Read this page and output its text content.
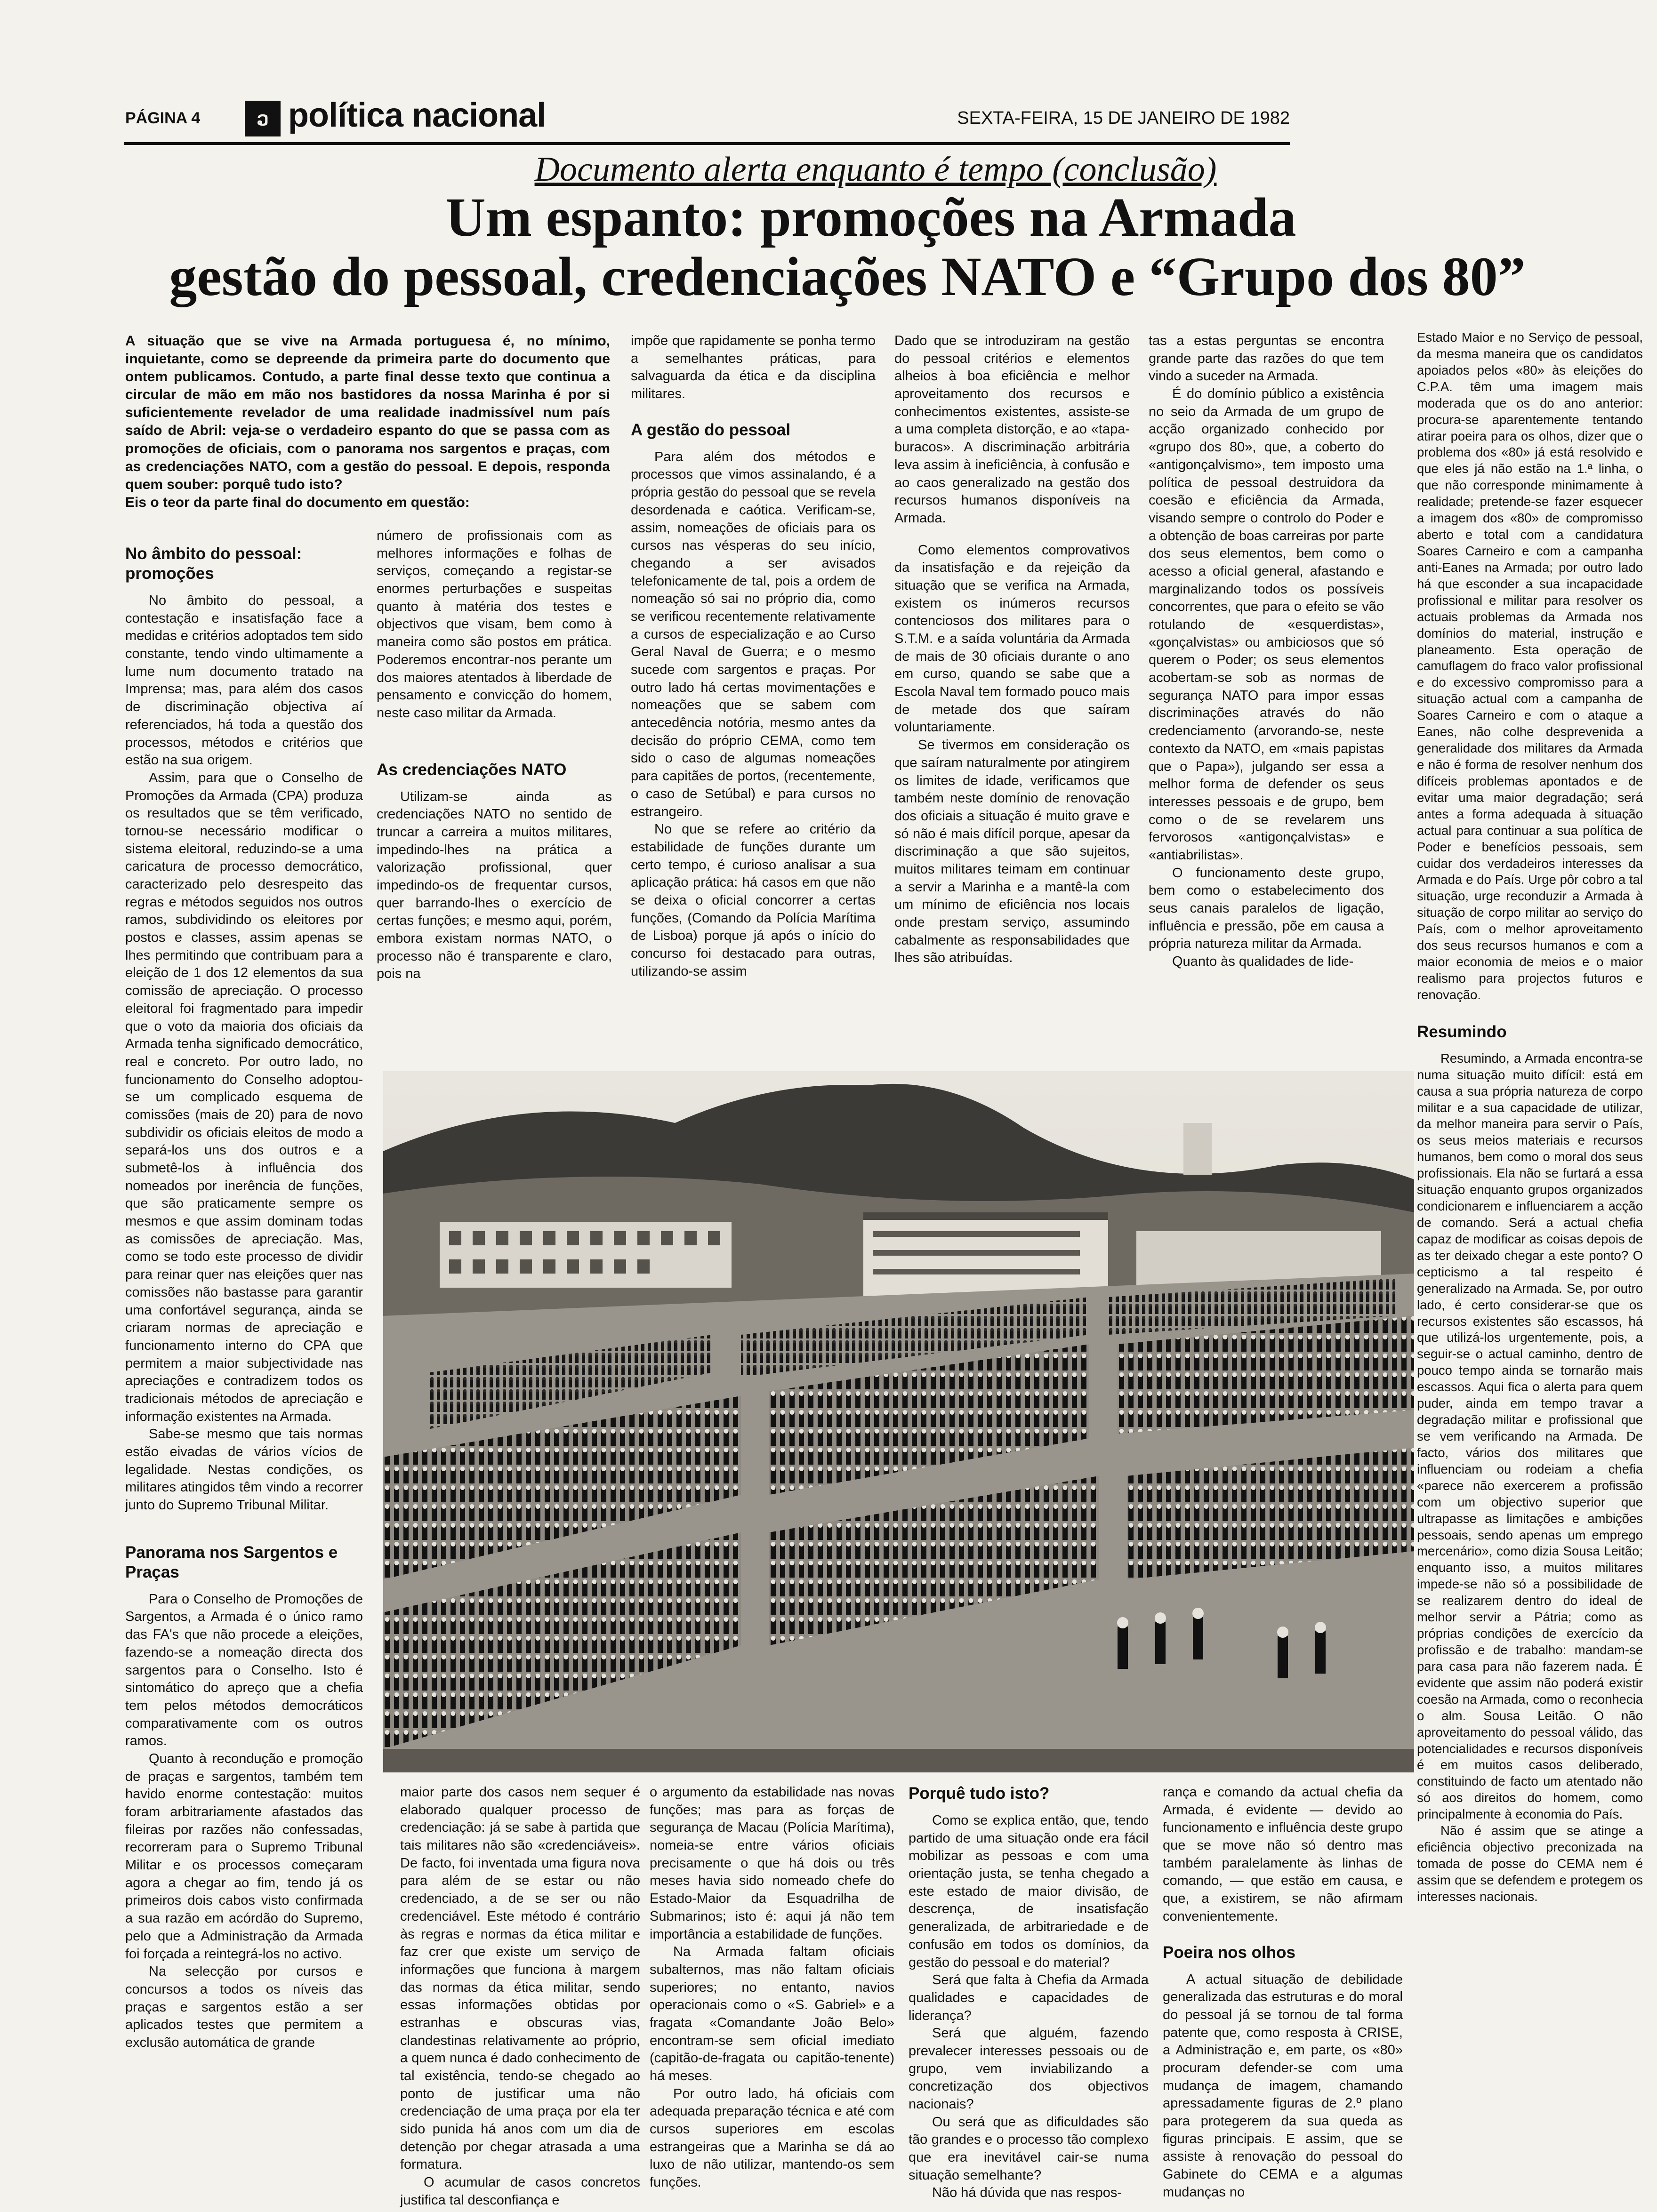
PÁGINA 4	ວ política nacional	SEXTA-FEIRA, 15 DE JANEIRO DE 1982
Documento alerta enquanto é tempo (conclusão)
Um espanto: promoções na Armada
gestão do pessoal, credenciações NATO e “Grupo dos 80”

A situação que se vive na Armada portuguesa é, no mínimo, inquietante, como se depreende da primeira parte do documento que ontem publicamos. Contudo, a parte final desse texto que continua a circular de mão em mão nos bastidores da nossa Marinha é por si suficientemente revelador de uma realidade inadmissível num país saído de Abril: veja-se o verdadeiro espanto do que se passa com as promoções de oficiais, com o panorama nos sargentos e praças, com as credenciações NATO, com a gestão do pessoal. E depois, responda quem souber: porquê tudo isto?

Eis o teor da parte final do documento em questão:

No âmbito do pessoal: promoções

No âmbito do pessoal, a contestação e insatisfação face a medidas e critérios adoptados tem sido constante, tendo vindo ultimamente a lume num documento tratado na Imprensa; mas, para além dos casos de discriminação objectiva aí referenciados, há toda a questão dos processos, métodos e critérios que estão na sua origem.

Assim, para que o Conselho de Promoções da Armada (CPA) produza os resultados que se têm verificado, tornou-se necessário modificar o sistema eleitoral, reduzindo-se a uma caricatura de processo democrático, caracterizado pelo desrespeito das regras e métodos seguidos nos outros ramos, subdividindo os eleitores por postos e classes, assim apenas se lhes permitindo que contribuam para a eleição de 1 dos 12 elementos da sua comissão de apreciação. O processo eleitoral foi fragmentado para impedir que o voto da maioria dos oficiais da Armada tenha significado democrático, real e concreto. Por outro lado, no funcionamento do Conselho adoptou-se um complicado esquema de comissões (mais de 20) para de novo subdividir os oficiais eleitos de modo a separá-los uns dos outros e a submetê-los à influência dos nomeados por inerência de funções, que são praticamente sempre os mesmos e que assim dominam todas as comissões de apreciação. Mas, como se todo este processo de dividir para reinar quer nas eleições quer nas comissões não bastasse para garantir uma confortável segurança, ainda se criaram normas de apreciação e funcionamento interno do CPA que permitem a maior subjectividade nas apreciações e contradizem todos os tradicionais métodos de apreciação e informação existentes na Armada.

Sabe-se mesmo que tais normas estão eivadas de vários vícios de legalidade. Nestas condições, os militares atingidos têm vindo a recorrer junto do Supremo Tribunal Militar.

Panorama nos Sargentos e Praças

Para o Conselho de Promoções de Sargentos, a Armada é o único ramo das FA's que não procede a eleições, fazendo-se a nomeação directa dos sargentos para o Conselho. Isto é sintomático do apreço que a chefia tem pelos métodos democráticos comparativamente com os outros ramos.

Quanto à recondução e promoção de praças e sargentos, também tem havido enorme contestação: muitos foram arbitrariamente afastados das fileiras por razões não confessadas, recorreram para o Supremo Tribunal Militar e os processos começaram agora a chegar ao fim, tendo já os primeiros dois cabos visto confirmada a sua razão em acórdão do Supremo, pelo que a Administração da Armada foi forçada a reintegrá-los no activo.

Na selecção por cursos e concursos a todos os níveis das praças e sargentos estão a ser aplicados testes que permitem a exclusão automática de grande

número de profissionais com as melhores informações e folhas de serviços, começando a registar-se enormes perturbações e suspeitas quanto à matéria dos testes e objectivos que visam, bem como à maneira como são postos em prática. Poderemos encontrar-nos perante um dos maiores atentados à liberdade de pensamento e convicção do homem, neste caso militar da Armada.

As credenciações NATO

Utilizam-se ainda as credenciações NATO no sentido de truncar a carreira a muitos militares, impedindo-lhes na prática a valorização profissional, quer impedindo-os de frequentar cursos, quer barrando-lhes o exercício de certas funções; e mesmo aqui, porém, embora existam normas NATO, o processo não é transparente e claro, pois na

impõe que rapidamente se ponha termo a semelhantes práticas, para salvaguarda da ética e da disciplina militares.

A gestão do pessoal

Para além dos métodos e processos que vimos assinalando, é a própria gestão do pessoal que se revela desordenada e caótica. Verificam-se, assim, nomeações de oficiais para os cursos nas vésperas do seu início, chegando a ser avisados telefonicamente de tal, pois a ordem de nomeação só sai no próprio dia, como se verificou recentemente relativamente a cursos de especialização e ao Curso Geral Naval de Guerra; e o mesmo sucede com sargentos e praças. Por outro lado há certas movimentações e nomeações que se sabem com antecedência notória, mesmo antes da decisão do próprio CEMA, como tem sido o caso de algumas nomeações para capitães de portos, (recentemente, o caso de Setúbal) e para cursos no estrangeiro.

No que se refere ao critério da estabilidade de funções durante um certo tempo, é curioso analisar a sua aplicação prática: há casos em que não se deixa o oficial concorrer a certas funções, (Comando da Polícia Marítima de Lisboa) porque já após o início do concurso foi destacado para outras, utilizando-se assim

Dado que se introduziram na gestão do pessoal critérios e elementos alheios à boa eficiência e melhor aproveitamento dos recursos e conhecimentos existentes, assiste-se a uma completa distorção, e ao «tapa-buracos». A discriminação arbitrária leva assim à ineficiência, à confusão e ao caos generalizado na gestão dos recursos humanos disponíveis na Armada.

Como elementos comprovativos da insatisfação e da rejeição da situação que se verifica na Armada, existem os inúmeros recursos contenciosos dos militares para o S.T.M. e a saída voluntária da Armada de mais de 30 oficiais durante o ano em curso, quando se sabe que a Escola Naval tem formado pouco mais de metade dos que saíram voluntariamente.

Se tivermos em consideração os que saíram naturalmente por atingirem os limites de idade, verificamos que também neste domínio de renovação dos oficiais a situação é muito grave e só não é mais difícil porque, apesar da discriminação a que são sujeitos, muitos militares teimam em continuar a servir a Marinha e a mantê-la com um mínimo de eficiência nos locais onde prestam serviço, assumindo cabalmente as responsabilidades que lhes são atribuídas.

tas a estas perguntas se encontra grande parte das razões do que tem vindo a suceder na Armada.

É do domínio público a existência no seio da Armada de um grupo de acção organizado conhecido por «grupo dos 80», que, a coberto do «antigonçalvismo», tem imposto uma política de pessoal destruidora da coesão e eficiência da Armada, visando sempre o controlo do Poder e a obtenção de boas carreiras por parte dos seus elementos, bem como o acesso a oficial general, afastando e marginalizando todos os possíveis concorrentes, que para o efeito se vão rotulando de «esquerdistas», «gonçalvistas» ou ambiciosos que só querem o Poder; os seus elementos acobertam-se sob as normas de segurança NATO para impor essas discriminações através do não credenciamento (arvorando-se, neste contexto da NATO, em «mais papistas que o Papa»), julgando ser essa a melhor forma de defender os seus interesses pessoais e de grupo, bem como o de se revelarem uns fervorosos «antigonçalvistas» e «antiabrilistas».

O funcionamento deste grupo, bem como o estabelecimento dos seus canais paralelos de ligação, influência e pressão, põe em causa a própria natureza militar da Armada.

Quanto às qualidades de lide-

Estado Maior e no Serviço de pessoal, da mesma maneira que os candidatos apoiados pelos «80» às eleições do C.P.A. têm uma imagem mais moderada que os do ano anterior: procura-se aparentemente tentando atirar poeira para os olhos, dizer que o problema dos «80» já está resolvido e que eles já não estão na 1.ª linha, o que não corresponde minimamente à realidade; pretende-se fazer esquecer a imagem dos «80» de compromisso aberto e total com a candidatura Soares Carneiro e com a campanha anti-Eanes na Armada; por outro lado há que esconder a sua incapacidade profissional e militar para resolver os actuais problemas da Armada nos domínios do material, instrução e planeamento. Esta operação de camuflagem do fraco valor profissional e do excessivo compromisso para a situação actual com a campanha de Soares Carneiro e com o ataque a Eanes, não colhe desprevenida a generalidade dos militares da Armada e não é forma de resolver nenhum dos difíceis problemas apontados e de evitar uma maior degradação; será antes a forma adequada à situação actual para continuar a sua política de Poder e benefícios pessoais, sem cuidar dos verdadeiros interesses da Armada e do País. Urge pôr cobro a tal situação, urge reconduzir a Armada à situação de corpo militar ao serviço do País, com o melhor aproveitamento dos seus recursos humanos e com a maior economia de meios e o maior realismo para projectos futuros e renovação.

Resumindo

Resumindo, a Armada encontra-se numa situação muito difícil: está em causa a sua própria natureza de corpo militar e a sua capacidade de utilizar, da melhor maneira para servir o País, os seus meios materiais e recursos humanos, bem como o moral dos seus profissionais. Ela não se furtará a essa situação enquanto grupos organizados condicionarem e influenciarem a acção de comando. Será a actual chefia capaz de modificar as coisas depois de as ter deixado chegar a este ponto? O cepticismo a tal respeito é generalizado na Armada. Se, por outro lado, é certo considerar-se que os recursos existentes são escassos, há que utilizá-los urgentemente, pois, a seguir-se o actual caminho, dentro de pouco tempo ainda se tornarão mais escassos. Aqui fica o alerta para quem puder, ainda em tempo travar a degradação militar e profissional que se vem verificando na Armada. De facto, vários dos militares que influenciam ou rodeiam a chefia «parece não exercerem a profissão com um objectivo superior que ultrapasse as limitações e ambições pessoais, sendo apenas um emprego mercenário», como dizia Sousa Leitão; enquanto isso, a muitos militares impede-se não só a possibilidade de se realizarem dentro do ideal de melhor servir a Pátria; como as próprias condições de exercício da profissão e de trabalho: mandam-se para casa para não fazerem nada. É evidente que assim não poderá existir coesão na Armada, como o reconhecia o alm. Sousa Leitão. O não aproveitamento do pessoal válido, das potencialidades e recursos disponíveis é em muitos casos deliberado, constituindo de facto um atentado não só aos direitos do homem, como principalmente à economia do País.

Não é assim que se atinge a eficiência objectivo preconizada na tomada de posse do CEMA nem é assim que se defendem e protegem os interesses nacionais.

maior parte dos casos nem sequer é elaborado qualquer processo de credenciação: já se sabe à partida que tais militares não são «credenciáveis». De facto, foi inventada uma figura nova para além de se estar ou não credenciado, a de se ser ou não credenciável. Este método é contrário às regras e normas da ética militar e faz crer que existe um serviço de informações que funciona à margem das normas da ética militar, sendo essas informações obtidas por estranhas e obscuras vias, clandestinas relativamente ao próprio, a quem nunca é dado conhecimento de tal existência, tendo-se chegado ao ponto de justificar uma não credenciação de uma praça por ela ter sido punida há anos com um dia de detenção por chegar atrasada a uma formatura.

O acumular de casos concretos justifica tal desconfiança e

o argumento da estabilidade nas novas funções; mas para as forças de segurança de Macau (Polícia Marítima), nomeia-se entre vários oficiais precisamente o que há dois ou três meses havia sido nomeado chefe do Estado-Maior da Esquadrilha de Submarinos; isto é: aqui já não tem importância a estabilidade de funções.

Na Armada faltam oficiais subalternos, mas não faltam oficiais superiores; no entanto, navios operacionais como o «S. Gabriel» e a fragata «Comandante João Belo» encontram-se sem oficial imediato (capitão-de-fragata ou capitão-tenente) há meses.

Por outro lado, há oficiais com adequada preparação técnica e até com cursos superiores em escolas estrangeiras que a Marinha se dá ao luxo de não utilizar, mantendo-os sem funções.

Porquê tudo isto?

Como se explica então, que, tendo partido de uma situação onde era fácil mobilizar as pessoas e com uma orientação justa, se tenha chegado a este estado de maior divisão, de descrença, de insatisfação generalizada, de arbitrariedade e de confusão em todos os domínios, da gestão do pessoal e do material?

Será que falta à Chefia da Armada qualidades e capacidades de liderança?

Será que alguém, fazendo prevalecer interesses pessoais ou de grupo, vem inviabilizando a concretização dos objectivos nacionais?

Ou será que as dificuldades são tão grandes e o processo tão complexo que era inevitável cair-se numa situação semelhante?

Não há dúvida que nas respos-

rança e comando da actual chefia da Armada, é evidente — devido ao funcionamento e influência deste grupo que se move não só dentro mas também paralelamente às linhas de comando, — que estão em causa, e que, a existirem, se não afirmam convenientemente.

Poeira nos olhos

A actual situação de debilidade generalizada das estruturas e do moral do pessoal já se tornou de tal forma patente que, como resposta à CRISE, a Administração e, em parte, os «80» procuram defender-se com uma mudança de imagem, chamando apressadamente figuras de 2.º plano para protegerem da sua queda as figuras principais. E assim, que se assiste à renovação do pessoal do Gabinete do CEMA e a algumas mudanças no
